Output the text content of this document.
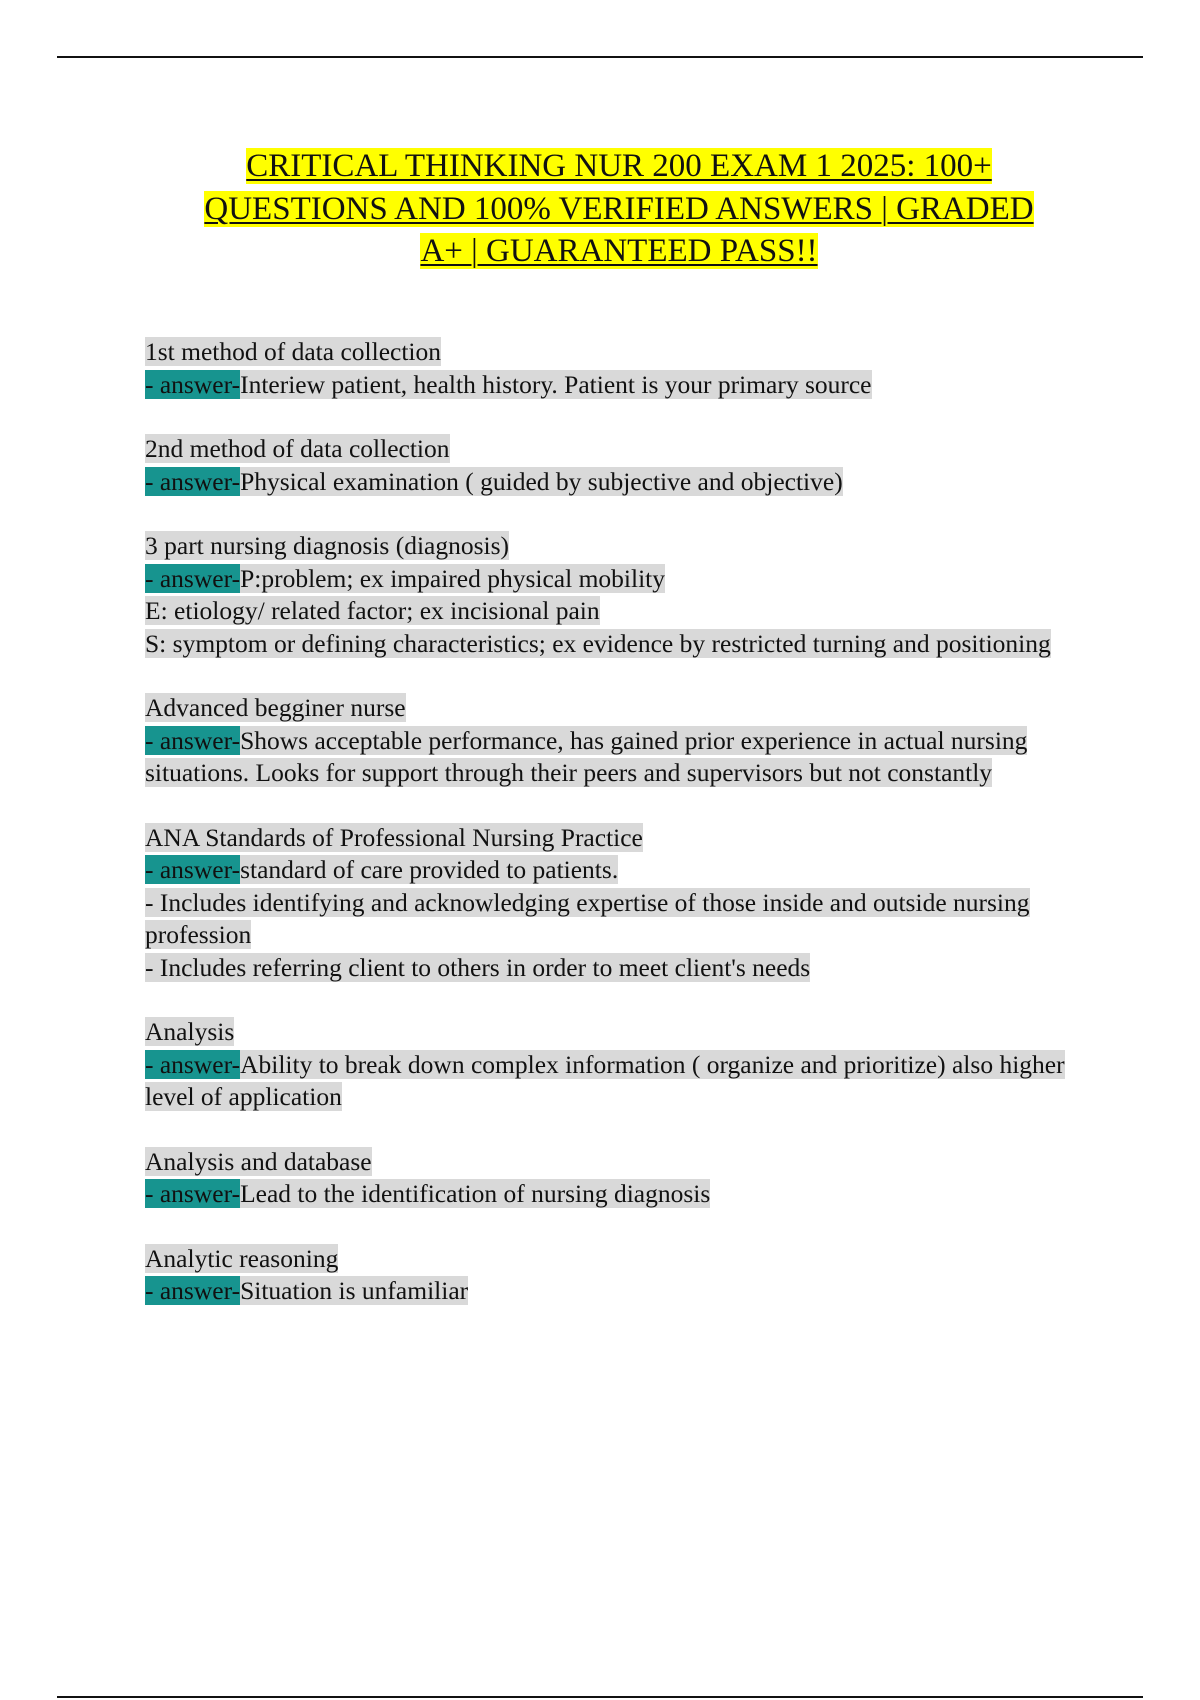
CRITICAL THINKING NUR 200 EXAM 1 2025: 100+
QUESTIONS AND 100% VERIFIED ANSWERS | GRADED
A+ | GUARANTEED PASS!!
1st method of data collection
- answer-Interiew patient, health history. Patient is your primary source
2nd method of data collection
- answer-Physical examination ( guided by subjective and objective)
3 part nursing diagnosis (diagnosis)
- answer-P:problem; ex impaired physical mobility
E: etiology/ related factor; ex incisional pain
S: symptom or defining characteristics; ex evidence by restricted turning and positioning
Advanced begginer nurse
- answer-Shows acceptable performance, has gained prior experience in actual nursing situations. Looks for support through their peers and supervisors but not constantly
ANA Standards of Professional Nursing Practice
- answer-standard of care provided to patients.
- Includes identifying and acknowledging expertise of those inside and outside nursing profession
- Includes referring client to others in order to meet client's needs
Analysis
- answer-Ability to break down complex information ( organize and prioritize) also higher level of application
Analysis and database
- answer-Lead to the identification of nursing diagnosis
Analytic reasoning
- answer-Situation is unfamiliar
